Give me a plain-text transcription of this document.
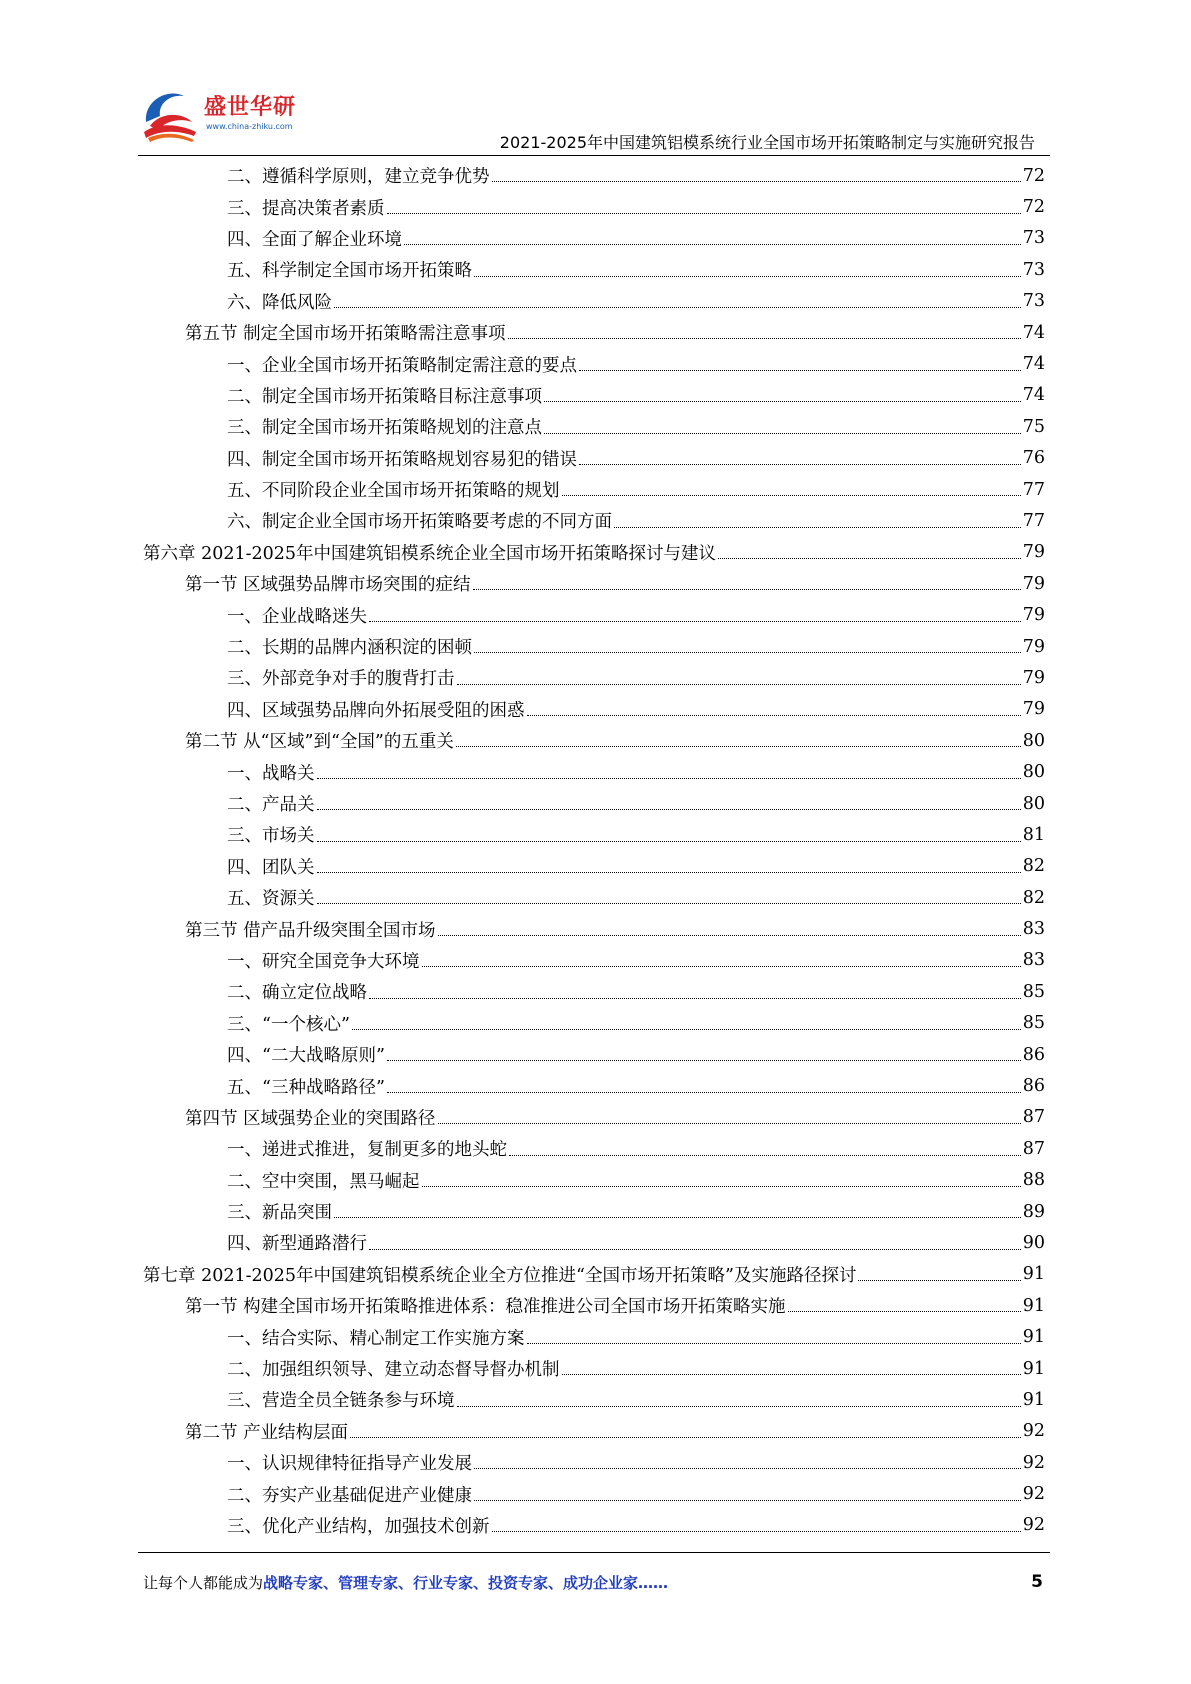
盛世华研
www.china-zhiku.com
2021-2025年中国建筑铝模系统行业全国市场开拓策略制定与实施研究报告
二、遵循科学原则，建立竞争优势	72
三、提高决策者素质	72
四、全面了解企业环境	73
五、科学制定全国市场开拓策略	73
六、降低风险	73
第五节 制定全国市场开拓策略需注意事项	74
一、企业全国市场开拓策略制定需注意的要点	74
二、制定全国市场开拓策略目标注意事项	74
三、制定全国市场开拓策略规划的注意点	75
四、制定全国市场开拓策略规划容易犯的错误	76
五、不同阶段企业全国市场开拓策略的规划	77
六、制定企业全国市场开拓策略要考虑的不同方面	77
第六章 2021-2025年中国建筑铝模系统企业全国市场开拓策略探讨与建议	79
第一节 区域强势品牌市场突围的症结	79
一、企业战略迷失	79
二、长期的品牌内涵积淀的困顿	79
三、外部竞争对手的腹背打击	79
四、区域强势品牌向外拓展受阻的困惑	79
第二节 从“区域”到“全国”的五重关	80
一、战略关	80
二、产品关	80
三、市场关	81
四、团队关	82
五、资源关	82
第三节 借产品升级突围全国市场	83
一、研究全国竞争大环境	83
二、确立定位战略	85
三、“一个核心”	85
四、“二大战略原则”	86
五、“三种战略路径”	86
第四节 区域强势企业的突围路径	87
一、递进式推进，复制更多的地头蛇	87
二、空中突围，黑马崛起	88
三、新品突围	89
四、新型通路潜行	90
第七章 2021-2025年中国建筑铝模系统企业全方位推进“全国市场开拓策略”及实施路径探讨	91
第一节 构建全国市场开拓策略推进体系：稳准推进公司全国市场开拓策略实施	91
一、结合实际、精心制定工作实施方案	91
二、加强组织领导、建立动态督导督办机制	91
三、营造全员全链条参与环境	91
第二节 产业结构层面	92
一、认识规律特征指导产业发展	92
二、夯实产业基础促进产业健康	92
三、优化产业结构，加强技术创新	92
让每个人都能成为战略专家、管理专家、行业专家、投资专家、成功企业家……	5
